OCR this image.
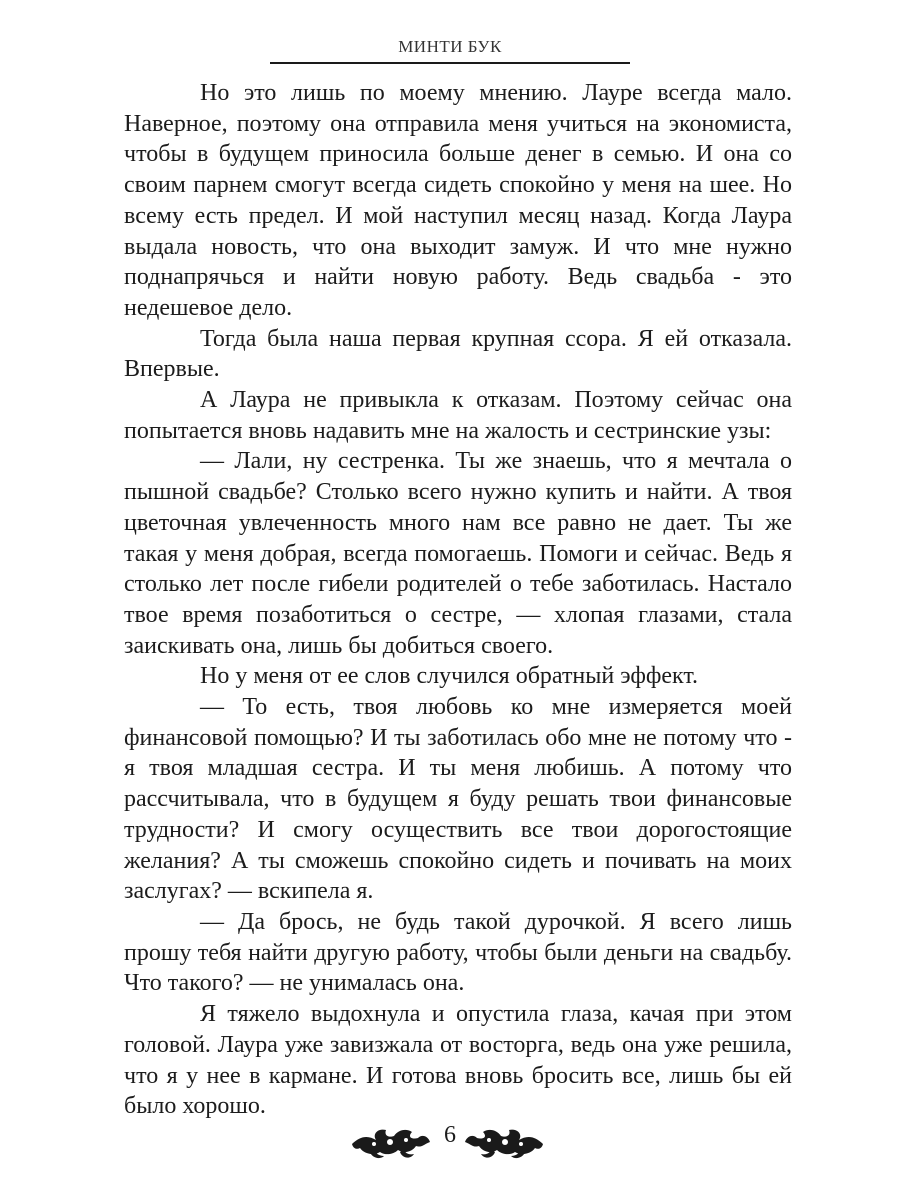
МИНТИ БУК

Но это лишь по моему мнению. Лауре всегда мало. Наверное, поэтому она отправила меня учиться на экономиста, чтобы в будущем приносила больше денег в семью. И она со своим парнем смогут всегда сидеть спокойно у меня на шее. Но всему есть предел. И мой наступил месяц назад. Когда Лаура выдала новость, что она выходит замуж. И что мне нужно поднапрячься и найти новую работу. Ведь свадьба - это недешевое дело.

Тогда была наша первая крупная ссора. Я ей отказала. Впервые.

А Лаура не привыкла к отказам. Поэтому сейчас она попытается вновь надавить мне на жалость и сестринские узы:

— Лали, ну сестренка. Ты же знаешь, что я мечтала о пышной свадьбе? Столько всего нужно купить и найти. А твоя цветочная увлеченность много нам все равно не дает. Ты же такая у меня добрая, всегда помогаешь. Помоги и сейчас. Ведь я столько лет после гибели родителей о тебе заботилась. Настало твое время позаботиться о сестре, — хлопая глазами, стала заискивать она, лишь бы добиться своего.

Но у меня от ее слов случился обратный эффект.

— То есть, твоя любовь ко мне измеряется моей финансовой помощью? И ты заботилась обо мне не потому что - я твоя младшая сестра. И ты меня любишь. А потому что рассчитывала, что в будущем я буду решать твои финансовые трудности? И смогу осуществить все твои дорогостоящие желания? А ты сможешь спокойно сидеть и почивать на моих заслугах? — вскипела я.

— Да брось, не будь такой дурочкой. Я всего лишь прошу тебя найти другую работу, чтобы были деньги на свадьбу. Что такого? — не унималась она.

Я тяжело выдохнула и опустила глаза, качая при этом головой. Лаура уже завизжала от восторга, ведь она уже решила, что я у нее в кармане. И готова вновь бросить все, лишь бы ей было хорошо.

6
